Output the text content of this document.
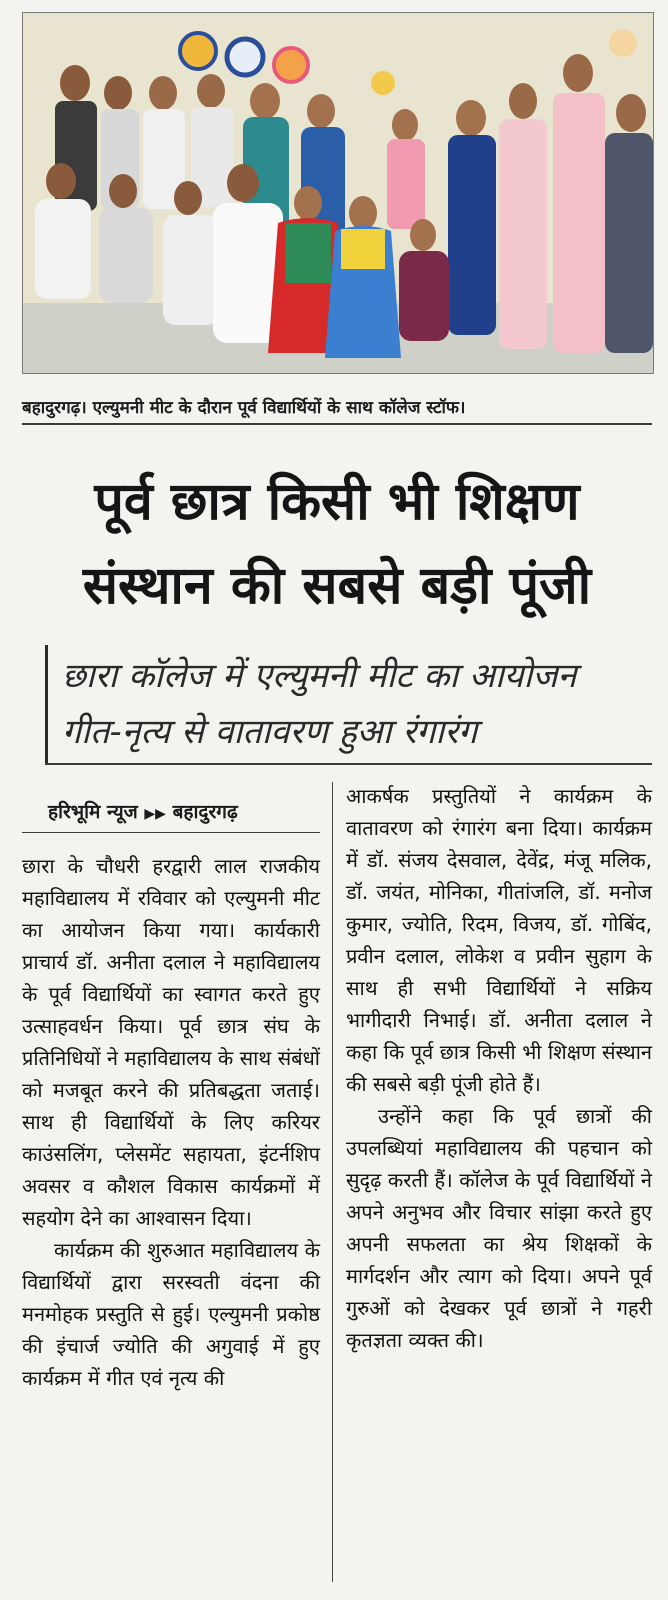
बहादुरगढ़। एल्युमनी मीट के दौरान पूर्व विद्यार्थियों के साथ कॉलेज स्टॉफ।
पूर्व छात्र किसी भी शिक्षण
संस्थान की सबसे बड़ी पूंजी
छारा कॉलेज में एल्युमनी मीट का आयोजन
गीत-नृत्य से वातावरण हुआ रंगारंग
हरिभूमि न्यूज ▶▶ बहादुरगढ़

छारा के चौधरी हरद्वारी लाल राजकीय महाविद्यालय में रविवार को एल्युमनी मीट का आयोजन किया गया। कार्यकारी प्राचार्य डॉ. अनीता दलाल ने महाविद्यालय के पूर्व विद्यार्थियों का स्वागत करते हुए उत्साहवर्धन किया। पूर्व छात्र संघ के प्रतिनिधियों ने महाविद्यालय के साथ संबंधों को मजबूत करने की प्रतिबद्धता जताई। साथ ही विद्यार्थियों के लिए करियर काउंसलिंग, प्लेसमेंट सहायता, इंटर्नशिप अवसर व कौशल विकास कार्यक्रमों में सहयोग देने का आश्वासन दिया।

कार्यक्रम की शुरुआत महाविद्यालय के विद्यार्थियों द्वारा सरस्वती वंदना की मनमोहक प्रस्तुति से हुई। एल्युमनी प्रकोष्ठ की इंचार्ज ज्योति की अगुवाई में हुए कार्यक्रम में गीत एवं नृत्य की

आकर्षक प्रस्तुतियों ने कार्यक्रम के वातावरण को रंगारंग बना दिया। कार्यक्रम में डॉ. संजय देसवाल, देवेंद्र, मंजू मलिक, डॉ. जयंत, मोनिका, गीतांजलि, डॉ. मनोज कुमार, ज्योति, रिदम, विजय, डॉ. गोबिंद, प्रवीन दलाल, लोकेश व प्रवीन सुहाग के साथ ही सभी विद्यार्थियों ने सक्रिय भागीदारी निभाई। डॉ. अनीता दलाल ने कहा कि पूर्व छात्र किसी भी शिक्षण संस्थान की सबसे बड़ी पूंजी होते हैं।

उन्होंने कहा कि पूर्व छात्रों की उपलब्धियां महाविद्यालय की पहचान को सुदृढ़ करती हैं। कॉलेज के पूर्व विद्यार्थियों ने अपने अनुभव और विचार सांझा करते हुए अपनी सफलता का श्रेय शिक्षकों के मार्गदर्शन और त्याग को दिया। अपने पूर्व गुरुओं को देखकर पूर्व छात्रों ने गहरी कृतज्ञता व्यक्त की।
